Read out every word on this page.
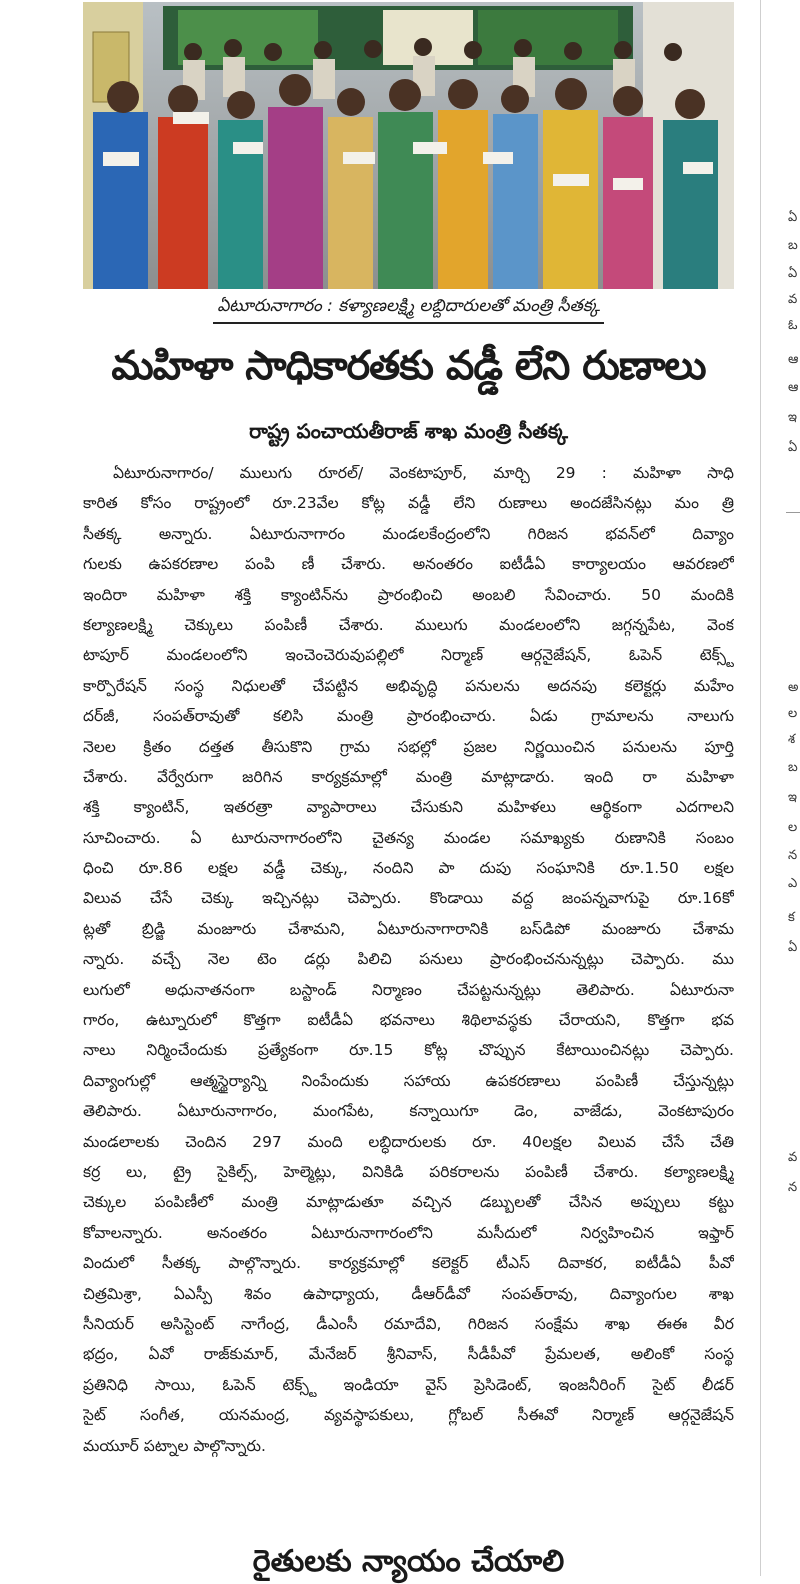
ఏటూరునాగారం : కళ్యాణలక్ష్మి లబ్దిదారులతో మంత్రి సీతక్క
మహిళా సాధికారతకు వడ్డీ లేని రుణాలు
రాష్ట్ర పంచాయతీరాజ్ శాఖ మంత్రి సీతక్క
ఏటూరునాగారం/ ములుగు రూరల్/ వెంకటాపూర్, మార్చి 29 : మహిళా సాధి
కారిత కోసం రాష్ట్రంలో రూ.23వేల కోట్ల వడ్డీ లేని రుణాలు అందజేసినట్లు మం త్రి
సీతక్క అన్నారు. ఏటూరునాగారం మండలకేంద్రంలోని గిరిజన భవన్‌లో దివ్యాం
గులకు ఉపకరణాల పంపి ణీ చేశారు. అనంతరం ఐటీడీఏ కార్యాలయం ఆవరణలో
ఇందిరా మహిళా శక్తి క్యాంటిన్‌ను ప్రారంభించి అంబలి సేవించారు. 50 మందికి
కల్యాణలక్ష్మి చెక్కులు పంపిణీ చేశారు. ములుగు మండలంలోని జగ్గన్నపేట, వెంక
టాపూర్ మండలంలోని ఇంచెంచెరువుపల్లిలో నిర్మాణ్ ఆర్గనైజేషన్, ఓపెన్ టెక్స్ట్
కార్పొరేషన్ సంస్థ నిధులతో చేపట్టిన అభివృద్ధి పనులను అదనపు కలెక్టర్లు మహేం
దర్‌జీ, సంపత్‌రావుతో కలిసి మంత్రి ప్రారంభించారు. ఏడు గ్రామాలను నాలుగు
నెలల క్రితం దత్తత తీసుకొని గ్రామ సభల్లో ప్రజల నిర్ణయించిన పనులను పూర్తి
చేశారు. వేర్వేరుగా జరిగిన కార్యక్రమాల్లో మంత్రి మాట్లాడారు. ఇంది రా మహిళా
శక్తి క్యాంటిన్, ఇతరత్రా వ్యాపారాలు చేసుకుని మహిళలు ఆర్థికంగా ఎదగాలని
సూచించారు. ఏ టూరునాగారంలోని చైతన్య మండల సమాఖ్యకు రుణానికి సంబం
ధించి రూ.86 లక్షల వడ్డీ చెక్కు, నందిని పా దుపు సంఘానికి రూ.1.50 లక్షల
విలువ చేసే చెక్కు ఇచ్చినట్లు చెప్పారు. కొండాయి వద్ద జంపన్నవాగుపై రూ.16కో
ట్లతో బ్రిడ్జి మంజూరు చేశామని, ఏటూరునాగారానికి బస్‌డిపో మంజూరు చేశామ
న్నారు. వచ్చే నెల టెం డర్లు పిలిచి పనులు ప్రారంభించనున్నట్లు చెప్పారు. ము
లుగులో అధునాతనంగా బస్టాండ్ నిర్మాణం చేపట్టనున్నట్లు తెలిపారు. ఏటూరునా
గారం, ఉట్నూరులో కొత్తగా ఐటీడీఏ భవనాలు శిథిలావస్థకు చేరాయని, కొత్తగా భవ
నాలు నిర్మించేందుకు ప్రత్యేకంగా రూ.15 కోట్ల చొప్పున కేటాయించినట్లు చెప్పారు.
దివ్యాంగుల్లో ఆత్మస్థైర్యాన్ని నింపేందుకు సహాయ ఉపకరణాలు పంపిణీ చేస్తున్నట్లు
తెలిపారు. ఏటూరునాగారం, మంగపేట, కన్నాయిగూ డెం, వాజేడు, వెంకటాపురం
మండలాలకు చెందిన 297 మంది లబ్ధిదారులకు రూ. 40లక్షల విలువ చేసే చేతి
కర్ర లు, ట్రై సైకిల్స్, హెల్మెట్లు, వినికిడి పరికరాలను పంపిణీ చేశారు. కల్యాణలక్ష్మి
చెక్కుల పంపిణీలో మంత్రి మాట్లాడుతూ వచ్చిన డబ్బులతో చేసిన అప్పులు కట్టు
కోవాలన్నారు. అనంతరం ఏటూరునాగారంలోని మసీదులో నిర్వహించిన ఇఫ్తార్
విందులో సీతక్క పాల్గొన్నారు. కార్యక్రమాల్లో కలెక్టర్ టీఎస్ దివాకర, ఐటీడీఏ పీవో
చిత్రమిశ్రా, ఏఎస్పీ శివం ఉపాధ్యాయ, డీఆర్‌డీవో సంపత్‌రావు, దివ్యాంగుల శాఖ
సీనియర్ అసిస్టెంట్ నాగేంద్ర, డీఎంసీ రమాదేవి, గిరిజన సంక్షేమ శాఖ ఈఈ వీర
భద్రం, ఏవో రాజ్‌కుమార్, మేనేజర్ శ్రీనివాస్, సీడీపీవో ప్రేమలత, అలింకో సంస్థ
ప్రతినిధి సాయి, ఓపెన్ టెక్స్ట్ ఇండియా వైస్ ప్రెసిడెంట్, ఇంజనీరింగ్ సైట్ లీడర్
సైట్ సంగీత, యనమంద్ర, వ్యవస్థాపకులు, గ్లోబల్ సీఈవో నిర్మాణ్ ఆర్గనైజేషన్
మయూర్ పట్నాల పాల్గొన్నారు.
రైతులకు న్యాయం చేయాలి
ఏ
బ
ఏ
వ
ఓ
ఆ
ఆ
ఇ
ఏ
అ
ల
శ
బ
ఇ
ల
న
ఎ
క
ఏ
వ
న
